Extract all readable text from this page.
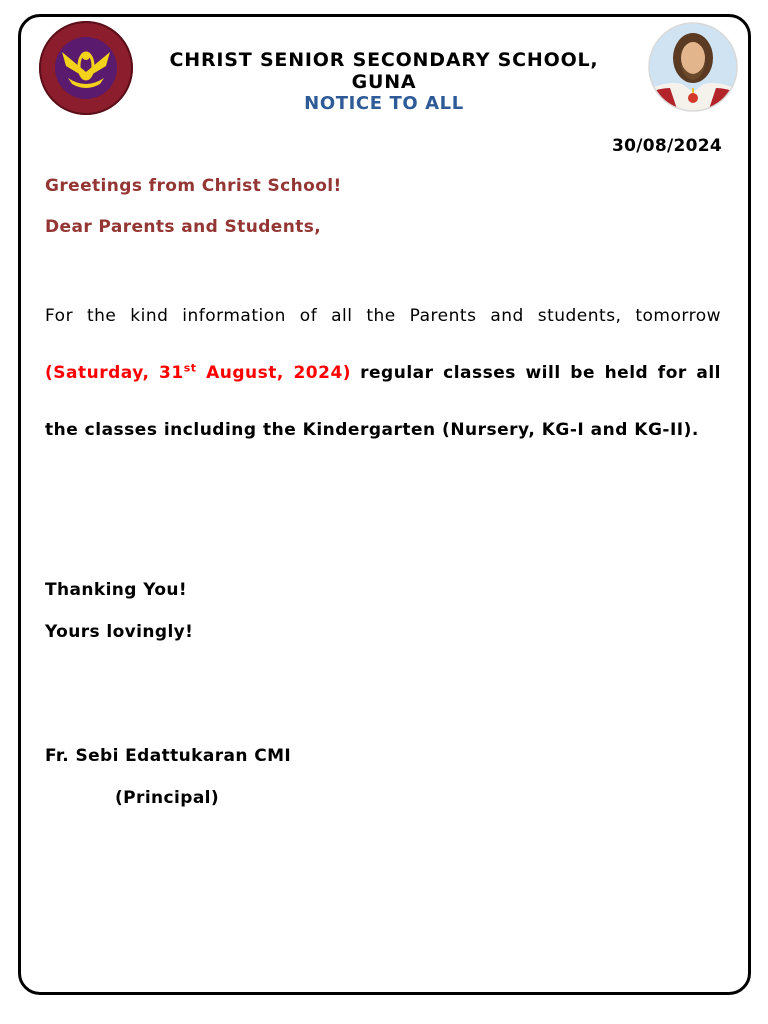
CHRIST SENIOR SECONDARY SCHOOL, GUNA
NOTICE TO ALL
30/08/2024
Greetings from Christ School!
Dear Parents and Students,
For the kind information of all the Parents and students, tomorrow (Saturday, 31st August, 2024) regular classes will be held for all the classes including the Kindergarten (Nursery, KG-I and KG-II).
Thanking You!
Yours lovingly!
Fr. Sebi Edattukaran CMI
(Principal)
